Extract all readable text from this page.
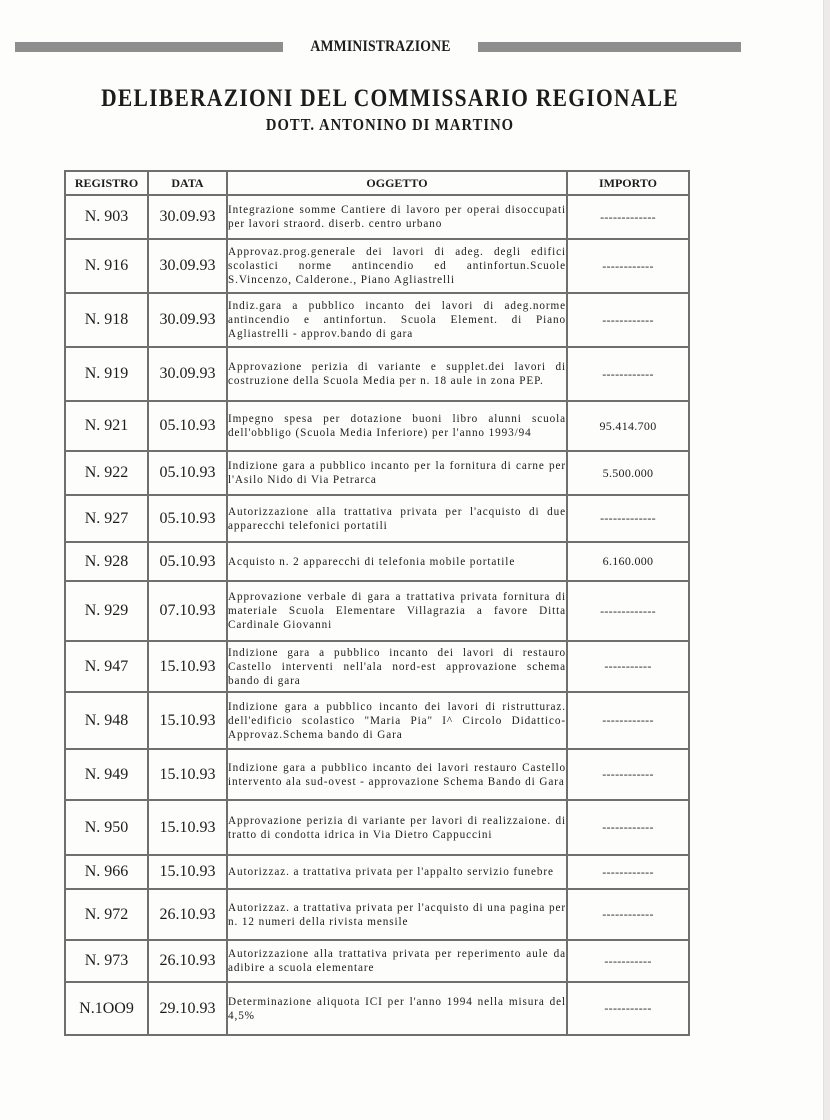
AMMINISTRAZIONE
DELIBERAZIONI DEL COMMISSARIO REGIONALE
DOTT. ANTONINO DI MARTINO
REGISTRO	DATA	OGGETTO	IMPORTO
N. 903	30.09.93	Integrazione somme Cantiere di lavoro per operai disoccupati per lavori straord. diserb. centro urbano	-------------
N. 916	30.09.93	Approvaz.prog.generale dei lavori di adeg. degli edifici scolastici norme antincendio ed antinfortun.Scuole S.Vincenzo, Calderone., Piano Agliastrelli	------------
N. 918	30.09.93	Indiz.gara a pubblico incanto dei lavori di adeg.norme antincendio e antinfortun. Scuola Element. di Piano Agliastrelli - approv.bando di gara	------------
N. 919	30.09.93	Approvazione perizia di variante e supplet.dei lavori di costruzione della Scuola Media per n. 18 aule in zona PEP.	------------
N. 921	05.10.93	Impegno spesa per dotazione buoni libro alunni scuola dell'obbligo (Scuola Media Inferiore) per l'anno 1993/94	95.414.700
N. 922	05.10.93	Indizione gara a pubblico incanto per la fornitura di carne per l'Asilo Nido di Via Petrarca	5.500.000
N. 927	05.10.93	Autorizzazione alla trattativa privata per l'acquisto di due apparecchi telefonici portatili	-------------
N. 928	05.10.93	Acquisto n. 2 apparecchi di telefonia mobile portatile	6.160.000
N. 929	07.10.93	Approvazione verbale di gara a trattativa privata fornitura di materiale Scuola Elementare Villagrazia a favore Ditta Cardinale Giovanni	-------------
N. 947	15.10.93	Indizione gara a pubblico incanto dei lavori di restauro Castello interventi nell'ala nord-est approvazione schema bando di gara	-----------
N. 948	15.10.93	Indizione gara a pubblico incanto dei lavori di ristrutturaz. dell'edificio scolastico "Maria Pia" I^ Circolo Didattico- Approvaz.Schema bando di Gara	------------
N. 949	15.10.93	Indizione gara a pubblico incanto dei lavori restauro Castello intervento ala sud-ovest - approvazione Schema Bando di Gara	------------
N. 950	15.10.93	Approvazione perizia di variante per lavori di realizzaione. di tratto di condotta idrica in Via Dietro Cappuccini	------------
N. 966	15.10.93	Autorizzaz. a trattativa privata per l'appalto servizio funebre	------------
N. 972	26.10.93	Autorizzaz. a trattativa privata per l'acquisto di una pagina per n. 12 numeri della rivista mensile	------------
N. 973	26.10.93	Autorizzazione alla trattativa privata per reperimento aule da adibire a scuola elementare	-----------
N.1OO9	29.10.93	Determinazione aliquota ICI per l'anno 1994 nella misura del 4,5%	-----------
